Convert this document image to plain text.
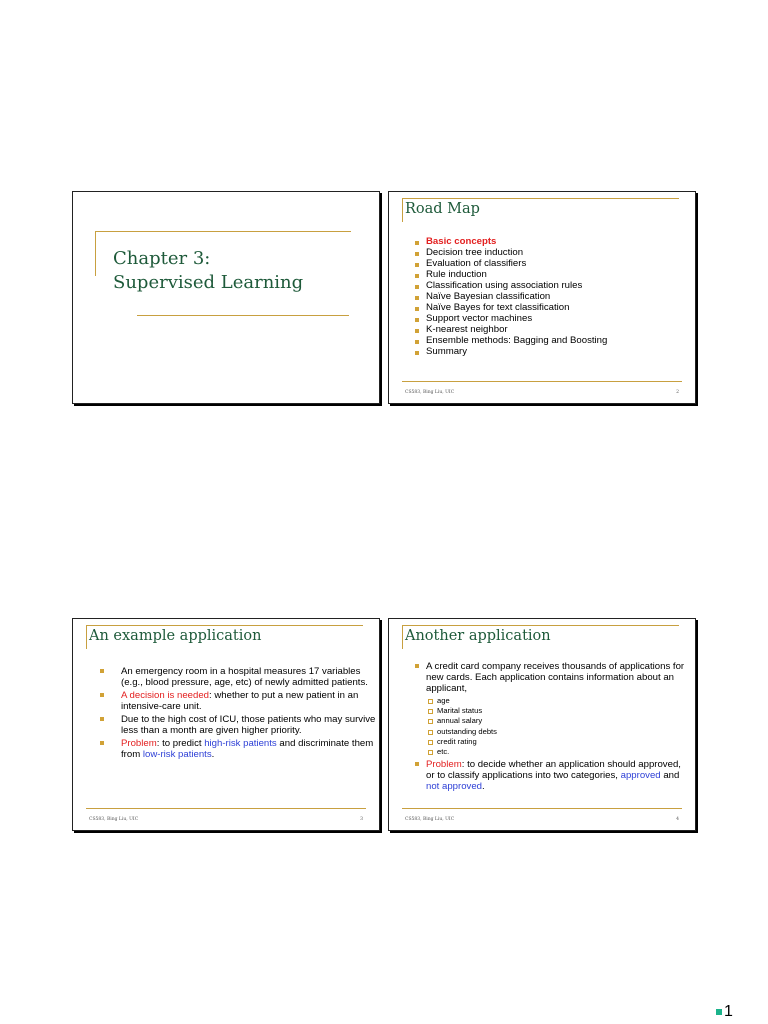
Chapter 3:
Supervised Learning
Road Map
Basic concepts
Decision tree induction
Evaluation of classifiers
Rule induction
Classification using association rules
Naïve Bayesian classification
Naïve Bayes for text classification
Support vector machines
K-nearest neighbor
Ensemble methods: Bagging and Boosting
Summary
CS583, Bing Liu, UIC	2
An example application
An emergency room in a hospital measures 17 variables (e.g., blood pressure, age, etc) of newly admitted patients.
A decision is needed: whether to put a new patient in an intensive-care unit.
Due to the high cost of ICU, those patients who may survive less than a month are given higher priority.
Problem: to predict high-risk patients and discriminate them from low-risk patients.
CS583, Bing Liu, UIC	3
Another application
A credit card company receives thousands of applications for new cards. Each application contains information about an applicant,
age
Marital status
annual salary
outstanding debts
credit rating
etc.
Problem: to decide whether an application should approved, or to classify applications into two categories, approved and not approved.
CS583, Bing Liu, UIC	4
1
